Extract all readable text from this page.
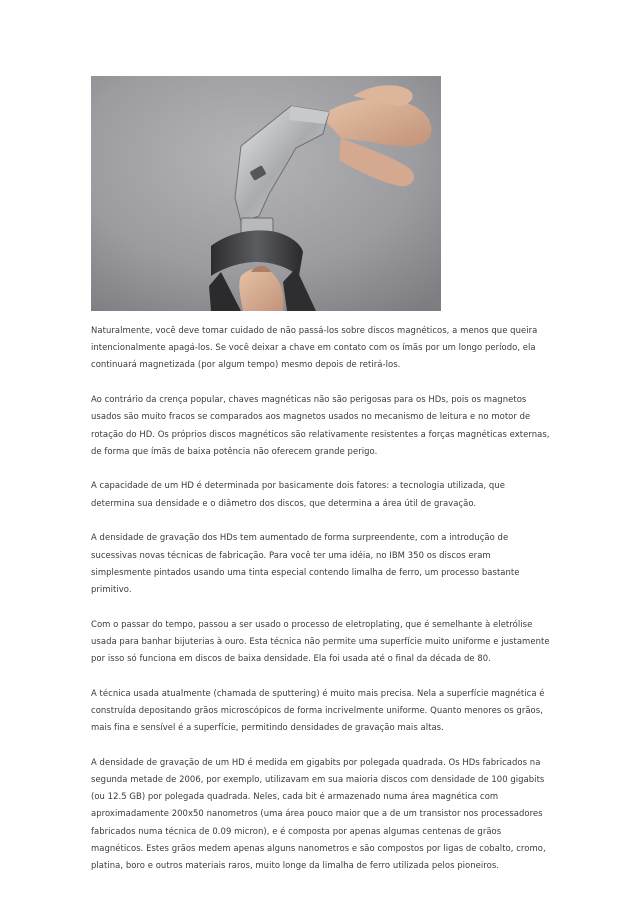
Naturalmente, você deve tomar cuidado de não passá-los sobre discos magnéticos, a menos que queira intencionalmente apagá-los. Se você deixar a chave em contato com os ímãs por um longo período, ela continuará magnetizada (por algum tempo) mesmo depois de retirá-los.

Ao contrário da crença popular, chaves magnéticas não são perigosas para os HDs, pois os magnetos usados são muito fracos se comparados aos magnetos usados no mecanismo de leitura e no motor de rotação do HD. Os próprios discos magnéticos são relativamente resistentes a forças magnéticas externas, de forma que ímãs de baixa potência não oferecem grande perigo.

A capacidade de um HD é determinada por basicamente dois fatores: a tecnologia utilizada, que determina sua densidade e o diâmetro dos discos, que determina a área útil de gravação.

A densidade de gravação dos HDs tem aumentado de forma surpreendente, com a introdução de sucessivas novas técnicas de fabricação. Para você ter uma idéia, no IBM 350 os discos eram simplesmente pintados usando uma tinta especial contendo limalha de ferro, um processo bastante primitivo.

Com o passar do tempo, passou a ser usado o processo de eletroplating, que é semelhante à eletrólise usada para banhar bijuterias à ouro. Esta técnica não permite uma superfície muito uniforme e justamente por isso só funciona em discos de baixa densidade. Ela foi usada até o final da década de 80.

A técnica usada atualmente (chamada de sputtering) é muito mais precisa. Nela a superfície magnética é construída depositando grãos microscópicos de forma incrivelmente uniforme. Quanto menores os grãos, mais fina e sensível é a superfície, permitindo densidades de gravação mais altas.

A densidade de gravação de um HD é medida em gigabits por polegada quadrada. Os HDs fabricados na segunda metade de 2006, por exemplo, utilizavam em sua maioria discos com densidade de 100 gigabits (ou 12.5 GB) por polegada quadrada. Neles, cada bit é armazenado numa área magnética com aproximadamente 200x50 nanometros (uma área pouco maior que a de um transistor nos processadores fabricados numa técnica de 0.09 micron), e é composta por apenas algumas centenas de grãos magnéticos. Estes grãos medem apenas alguns nanometros e são compostos por ligas de cobalto, cromo, platina, boro e outros materiais raros, muito longe da limalha de ferro utilizada pelos pioneiros.
